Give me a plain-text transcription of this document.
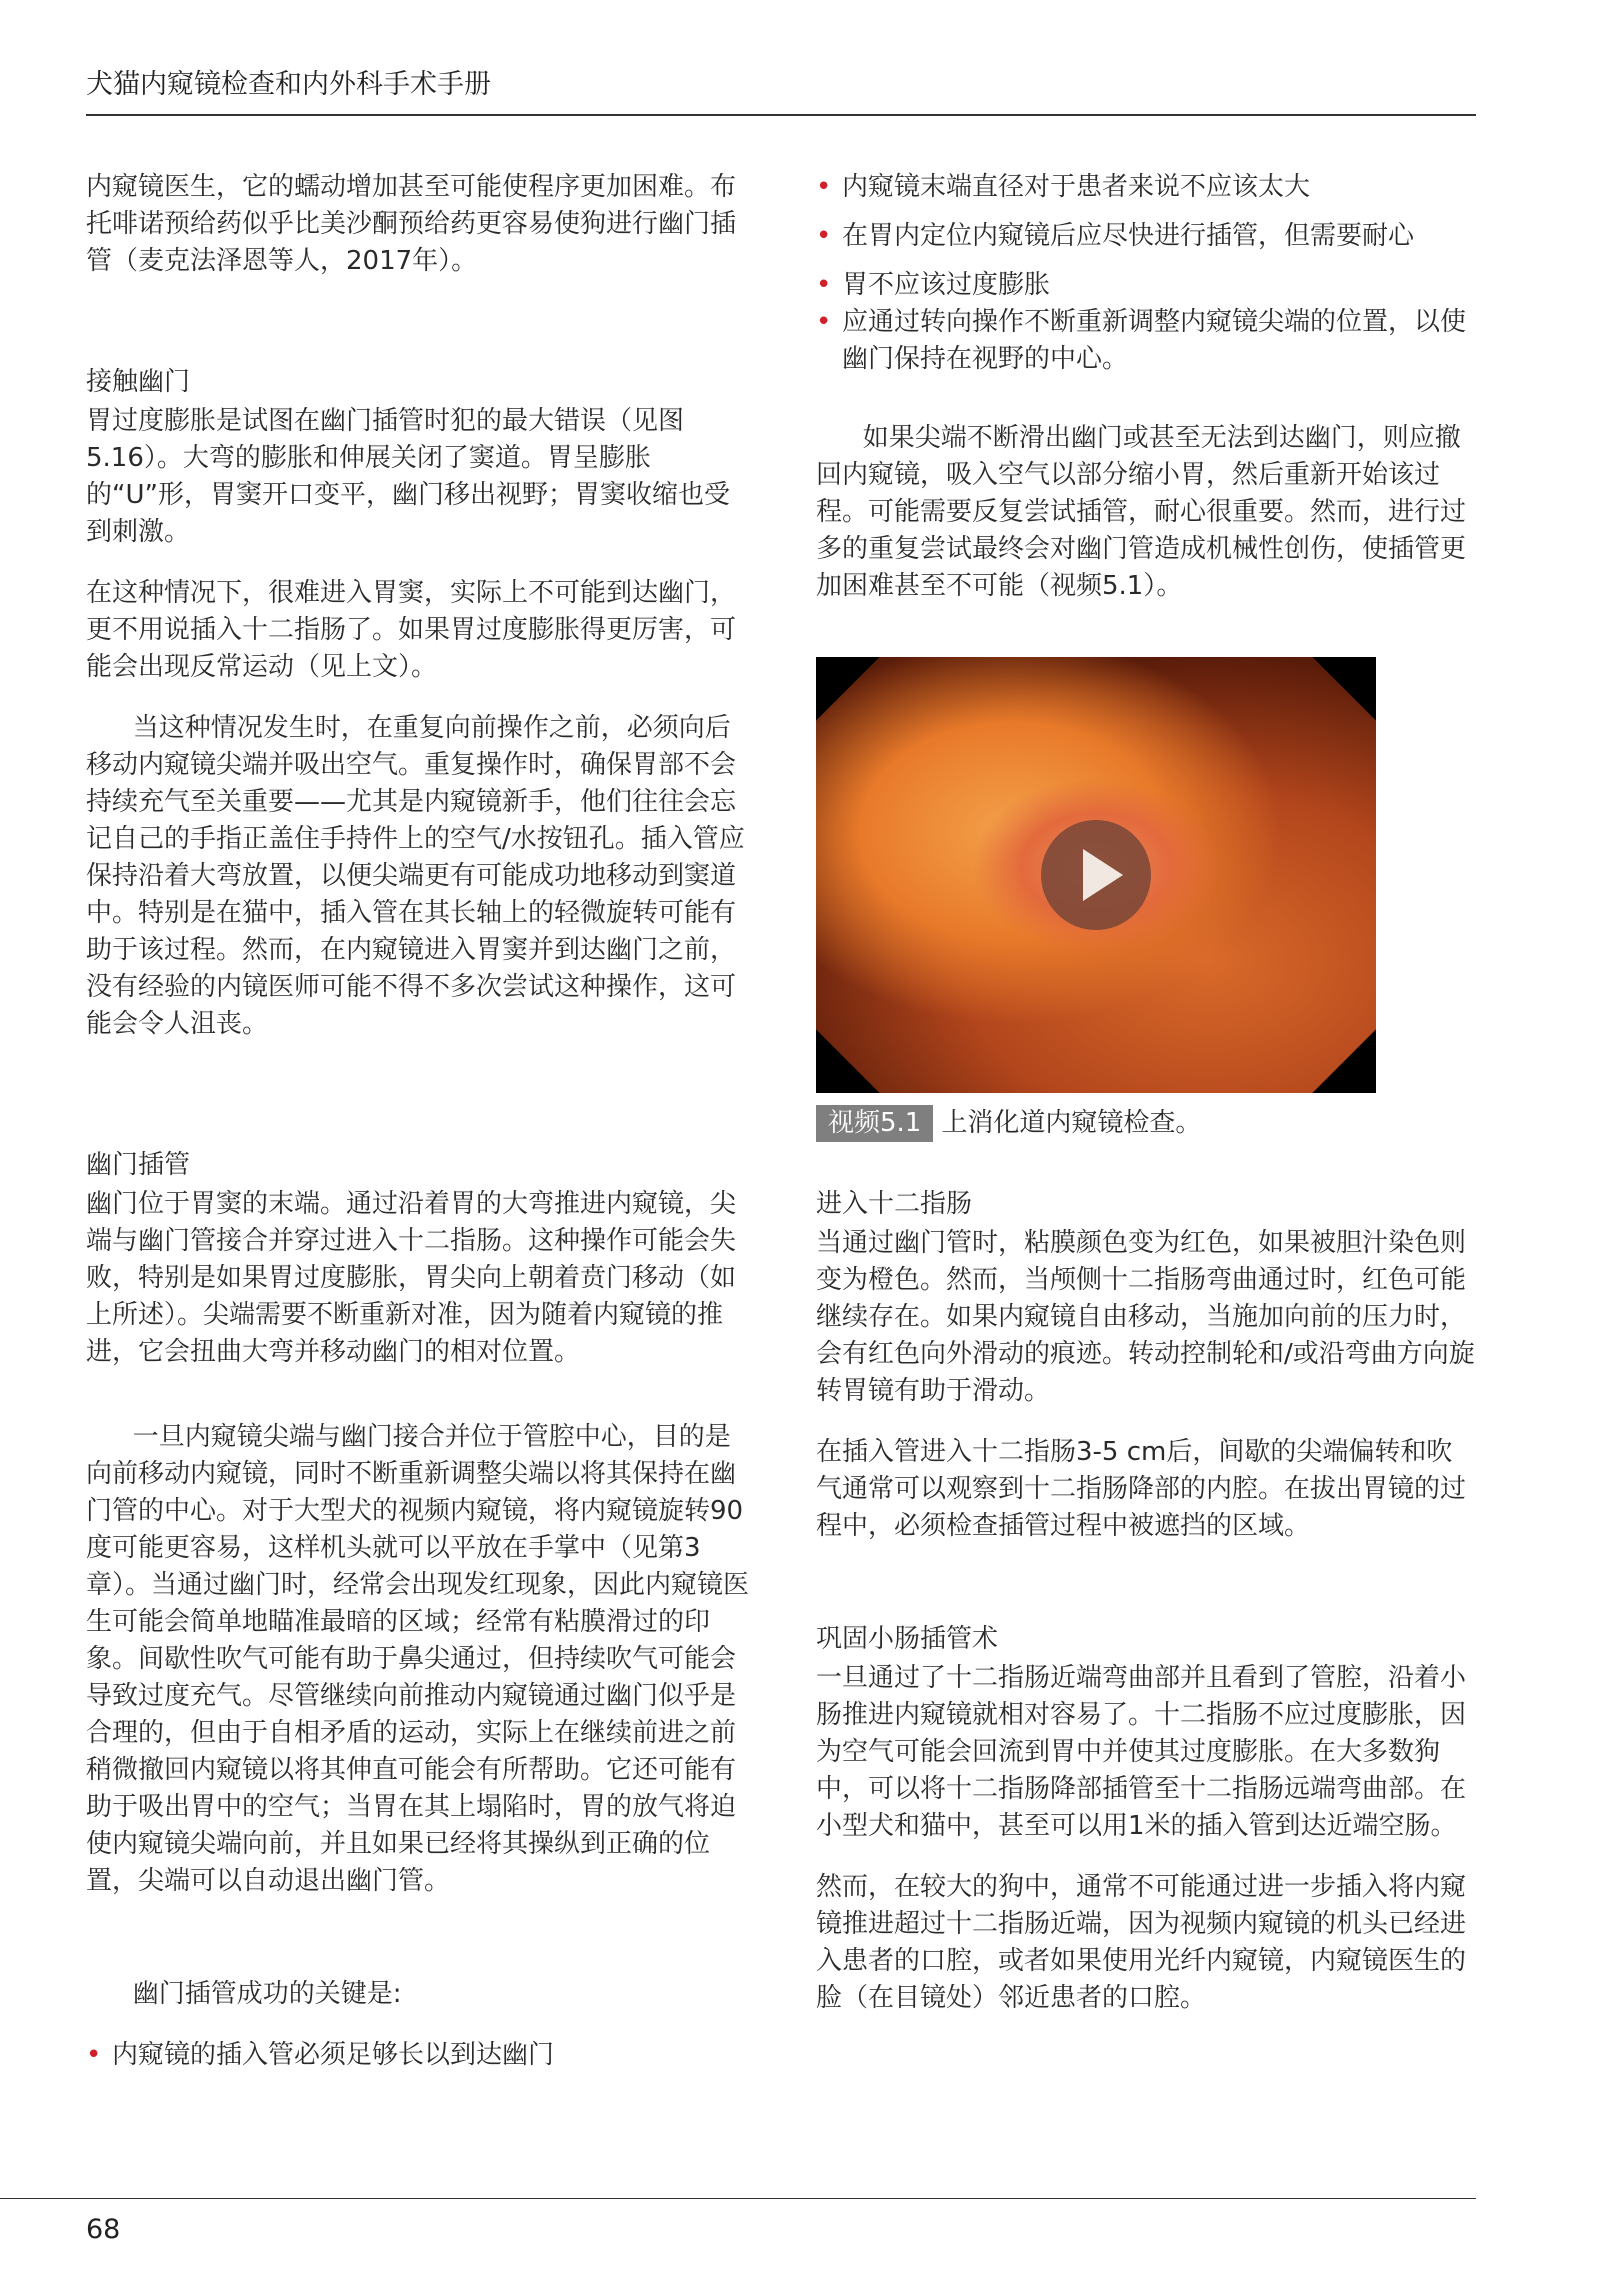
犬猫内窥镜检查和内外科手术手册

内窥镜医生，它的蠕动增加甚至可能使程序更加困难。布托啡诺预给药似乎比美沙酮预给药更容易使狗进行幽门插管（麦克法泽恩等人，2017年）。

接触幽门

胃过度膨胀是试图在幽门插管时犯的最大错误（见图5.16）。大弯的膨胀和伸展关闭了窦道。胃呈膨胀的“U”形，胃窦开口变平，幽门移出视野；胃窦收缩也受到刺激。

在这种情况下，很难进入胃窦，实际上不可能到达幽门，更不用说插入十二指肠了。如果胃过度膨胀得更厉害，可能会出现反常运动（见上文）。

当这种情况发生时，在重复向前操作之前，必须向后移动内窥镜尖端并吸出空气。重复操作时，确保胃部不会持续充气至关重要——尤其是内窥镜新手，他们往往会忘记自己的手指正盖住手持件上的空气/水按钮孔。插入管应保持沿着大弯放置，以便尖端更有可能成功地移动到窦道中。特别是在猫中，插入管在其长轴上的轻微旋转可能有助于该过程。然而，在内窥镜进入胃窦并到达幽门之前，没有经验的内镜医师可能不得不多次尝试这种操作，这可能会令人沮丧。

幽门插管

幽门位于胃窦的末端。通过沿着胃的大弯推进内窥镜，尖端与幽门管接合并穿过进入十二指肠。这种操作可能会失败，特别是如果胃过度膨胀，胃尖向上朝着贲门移动（如上所述）。尖端需要不断重新对准，因为随着内窥镜的推进，它会扭曲大弯并移动幽门的相对位置。

一旦内窥镜尖端与幽门接合并位于管腔中心，目的是向前移动内窥镜，同时不断重新调整尖端以将其保持在幽门管的中心。对于大型犬的视频内窥镜，将内窥镜旋转90度可能更容易，这样机头就可以平放在手掌中（见第3章）。当通过幽门时，经常会出现发红现象，因此内窥镜医生可能会简单地瞄准最暗的区域；经常有粘膜滑过的印象。间歇性吹气可能有助于鼻尖通过，但持续吹气可能会导致过度充气。尽管继续向前推动内窥镜通过幽门似乎是合理的，但由于自相矛盾的运动，实际上在继续前进之前稍微撤回内窥镜以将其伸直可能会有所帮助。它还可能有助于吸出胃中的空气；当胃在其上塌陷时，胃的放气将迫使内窥镜尖端向前，并且如果已经将其操纵到正确的位置，尖端可以自动退出幽门管。

幽门插管成功的关键是:

• 内窥镜的插入管必须足够长以到达幽门
• 内窥镜末端直径对于患者来说不应该太大
• 在胃内定位内窥镜后应尽快进行插管，但需要耐心
• 胃不应该过度膨胀
• 应通过转向操作不断重新调整内窥镜尖端的位置，以使幽门保持在视野的中心。

如果尖端不断滑出幽门或甚至无法到达幽门，则应撤回内窥镜，吸入空气以部分缩小胃，然后重新开始该过程。可能需要反复尝试插管，耐心很重要。然而，进行过多的重复尝试最终会对幽门管造成机械性创伤，使插管更加困难甚至不可能（视频5.1）。

视频5.1 上消化道内窥镜检查。
进入十二指肠

当通过幽门管时，粘膜颜色变为红色，如果被胆汁染色则变为橙色。然而，当颅侧十二指肠弯曲通过时，红色可能继续存在。如果内窥镜自由移动，当施加向前的压力时，会有红色向外滑动的痕迹。转动控制轮和/或沿弯曲方向旋转胃镜有助于滑动。

在插入管进入十二指肠3-5 cm后，间歇的尖端偏转和吹气通常可以观察到十二指肠降部的内腔。在拔出胃镜的过程中，必须检查插管过程中被遮挡的区域。

巩固小肠插管术

一旦通过了十二指肠近端弯曲部并且看到了管腔，沿着小肠推进内窥镜就相对容易了。十二指肠不应过度膨胀，因为空气可能会回流到胃中并使其过度膨胀。在大多数狗中，可以将十二指肠降部插管至十二指肠远端弯曲部。在小型犬和猫中，甚至可以用1米的插入管到达近端空肠。

然而，在较大的狗中，通常不可能通过进一步插入将内窥镜推进超过十二指肠近端，因为视频内窥镜的机头已经进入患者的口腔，或者如果使用光纤内窥镜，内窥镜医生的脸（在目镜处）邻近患者的口腔。

68
